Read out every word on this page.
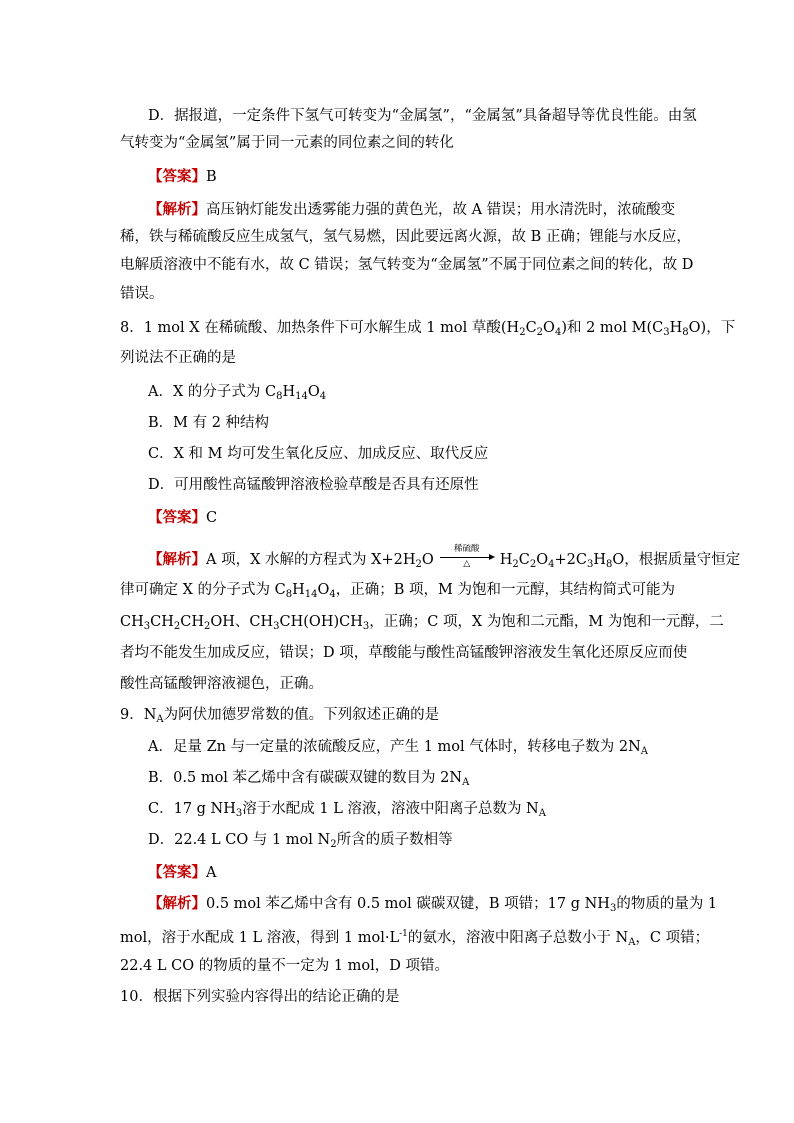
D．据报道，一定条件下氢气可转变为“金属氢”，“金属氢”具备超导等优良性能。由氢
气转变为“金属氢”属于同一元素的同位素之间的转化
【答案】B
【解析】高压钠灯能发出透雾能力强的黄色光，故 A 错误；用水清洗时，浓硫酸变
稀，铁与稀硫酸反应生成氢气，氢气易燃，因此要远离火源，故 B 正确；锂能与水反应，
电解质溶液中不能有水，故 C 错误；氢气转变为“金属氢”不属于同位素之间的转化，故 D
错误。
8．1 mol X 在稀硫酸、加热条件下可水解生成 1 mol 草酸$(H_2C_2O_4)$和 2 mol $M(C_3H_8O)$，下
列说法不正确的是
A．X 的分子式为 $C_8H_{14}O_4$
B．M 有 2 种结构
C．X 和 M 均可发生氧化反应、加成反应、取代反应
D．可用酸性高锰酸钾溶液检验草酸是否具有还原性
【答案】C
【解析】A 项，X 水解的方程式为 $X+2H_2O$
稀硫酸
△	$H_2C_2O_4+2C_3H_8O$，根据质量守恒定
律可确定 X 的分子式为 $C_8H_{14}O_4$，正确；B 项，M 为饱和一元醇，其结构简式可能为
$CH_3CH_2CH_2OH$、$CH_3CH(OH)CH_3$，正确；C 项，X 为饱和二元酯，M 为饱和一元醇，二
者均不能发生加成反应，错误；D 项，草酸能与酸性高锰酸钾溶液发生氧化还原反应而使
酸性高锰酸钾溶液褪色，正确。
9．$N_A$为阿伏加德罗常数的值。下列叙述正确的是
A．足量 Zn 与一定量的浓硫酸反应，产生 1 mol 气体时，转移电子数为 $2N_A$
B．0.5 mol 苯乙烯中含有碳碳双键的数目为 $2N_A$
C．17 g $NH_3$溶于水配成 1 L 溶液，溶液中阳离子总数为 $N_A$
D．22.4 L CO 与 1 mol $N_2$所含的质子数相等
【答案】A
【解析】0.5 mol 苯乙烯中含有 0.5 mol 碳碳双键，B 项错；17 g $NH_3$的物质的量为 1
mol，溶于水配成 1 L 溶液，得到 1 $mol\cdot L^{-1}$的氨水，溶液中阳离子总数小于 $N_A$，C 项错；
22.4 L CO 的物质的量不一定为 1 mol，D 项错。
10．根据下列实验内容得出的结论正确的是
